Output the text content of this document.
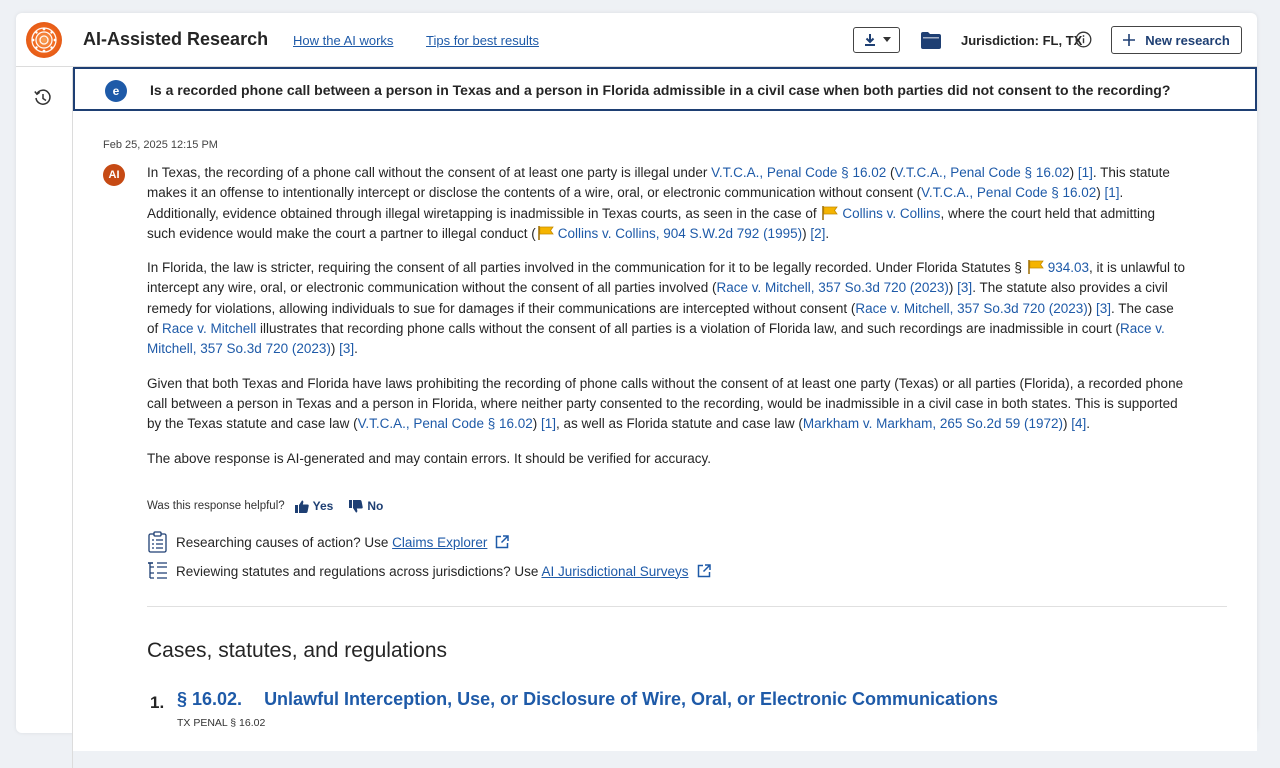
AI-Assisted Research How the AI works	Tips for best results	Jurisdiction: FL, TX	New research
e	Is a recorded phone call between a person in Texas and a person in Florida admissible in a civil case when both parties did not consent to the recording?
Feb 25, 2025 12:15 PM
AI	In Texas, the recording of a phone call without the consent of at least one party is illegal under V.T.C.A., Penal Code § 16.02 (V.T.C.A., Penal Code § 16.02) [1]. This statute makes it an offense to intentionally intercept or disclose the contents of a wire, oral, or electronic communication without consent (V.T.C.A., Penal Code § 16.02) [1]. Additionally, evidence obtained through illegal wiretapping is inadmissible in Texas courts, as seen in the case of Collins v. Collins, where the court held that admitting such evidence would make the court a partner to illegal conduct ( Collins v. Collins, 904 S.W.2d 792 (1995)) [2].

In Florida, the law is stricter, requiring the consent of all parties involved in the communication for it to be legally recorded. Under Florida Statutes § 934.03, it is unlawful to intercept any wire, oral, or electronic communication without the consent of all parties involved (Race v. Mitchell, 357 So.3d 720 (2023)) [3]. The statute also provides a civil remedy for violations, allowing individuals to sue for damages if their communications are intercepted without consent (Race v. Mitchell, 357 So.3d 720 (2023)) [3]. The case of Race v. Mitchell illustrates that recording phone calls without the consent of all parties is a violation of Florida law, and such recordings are inadmissible in court (Race v. Mitchell, 357 So.3d 720 (2023)) [3].

Given that both Texas and Florida have laws prohibiting the recording of phone calls without the consent of at least one party (Texas) or all parties (Florida), a recorded phone call between a person in Texas and a person in Florida, where neither party consented to the recording, would be inadmissible in a civil case in both states. This is supported by the Texas statute and case law (V.T.C.A., Penal Code § 16.02) [1], as well as Florida statute and case law (Markham v. Markham, 265 So.2d 59 (1972)) [4].

The above response is AI-generated and may contain errors. It should be verified for accuracy.

Was this response helpful? Yes	No
Researching causes of action? Use Claims Explorer
Reviewing statutes and regulations across jurisdictions? Use AI Jurisdictional Surveys
Cases, statutes, and regulations
1. § 16.02. Unlawful Interception, Use, or Disclosure of Wire, Oral, or Electronic Communications
TX PENAL § 16.02
